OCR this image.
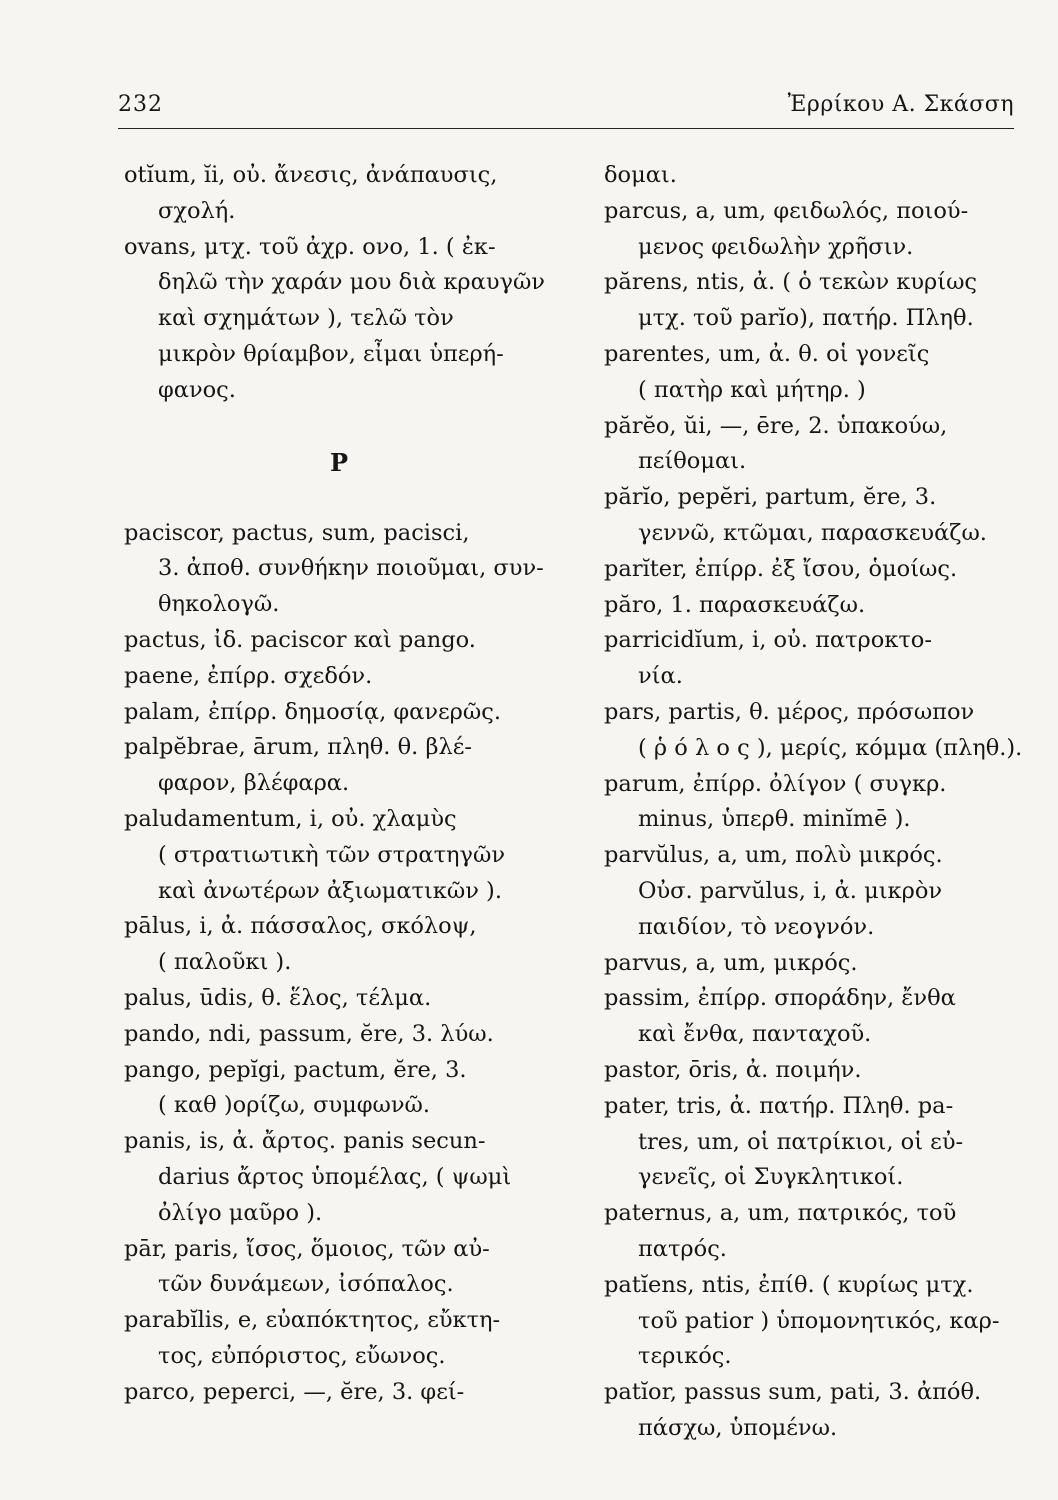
232	Ἐρρίκου Α. Σκάσση
otĭum, ĭi, οὐ. ἄνεσις, ἀνάπαυσις,
σχολή.
ovans, μτχ. τοῦ ἀχρ. ονο, 1. ( ἐκ-
δηλῶ τὴν χαράν μου διὰ κραυγῶν
καὶ σχημάτων ), τελῶ τὸν
μικρὸν θρίαμβον, εἶμαι ὑπερή-
φανος.
P
paciscor, pactus, sum, pacisci,
3. ἀποθ. συνθήκην ποιοῦμαι, συν-
θηκολογῶ.
pactus, ἰδ. paciscor καὶ pango.
paene, ἐπίρρ. σχεδόν.
palam, ἐπίρρ. δημοσίᾳ, φανερῶς.
palpĕbrae, ārum, πληθ. θ. βλέ-
φαρον, βλέφαρα.
paludamentum, i, οὐ. χλαμὺς
( στρατιωτικὴ τῶν στρατηγῶν
καὶ ἀνωτέρων ἀξιωματικῶν ).
pālus, i, ἀ. πάσσαλος, σκόλοψ,
( παλοῦκι ).
palus, ūdis, θ. ἕλος, τέλμα.
pando, ndi, passum, ĕre, 3. λύω.
pango, pepĭgi, pactum, ĕre, 3.
( καθ )ορίζω, συμφωνῶ.
panis, is, ἀ. ἄρτος. panis secun-
darius ἄρτος ὑπομέλας, ( ψωμὶ
ὀλίγο μαῦρο ).
pār, paris, ἴσος, ὅμοιος, τῶν αὐ-
τῶν δυνάμεων, ἰσόπαλος.
parabĭlis, e, εὐαπόκτητος, εὔκτη-
τος, εὐπόριστος, εὔωνος.
parco, peperci, —, ĕre, 3. φεί-
δομαι.
parcus, a, um, φειδωλός, ποιού-
μενος φειδωλὴν χρῆσιν.
părens, ntis, ἀ. ( ὁ τεκὼν κυρίως
μτχ. τοῦ parĭo), πατήρ. Πληθ.
parentes, um, ἀ. θ. οἱ γονεῖς
( πατὴρ καὶ μήτηρ. )
părĕo, ŭi, —, ēre, 2. ὑπακούω,
πείθομαι.
părĭo, pepĕri, partum, ĕre, 3.
γεννῶ, κτῶμαι, παρασκευάζω.
parĭter, ἐπίρρ. ἐξ ἴσου, ὁμοίως.
păro, 1. παρασκευάζω.
parricidĭum, i, οὐ. πατροκτο-
νία.
pars, partis, θ. μέρος, πρόσωπον
( ῥ ό λ ο ς ), μερίς, κόμμα (πληθ.).
parum, ἐπίρρ. ὀλίγον ( συγκρ.
minus, ὑπερθ. minĭmē ).
parvŭlus, a, um, πολὺ μικρός.
Οὐσ. parvŭlus, i, ἀ. μικρὸν
παιδίον, τὸ νεογνόν.
parvus, a, um, μικρός.
passim, ἐπίρρ. σποράδην, ἔνθα
καὶ ἔνθα, πανταχοῦ.
pastor, ōris, ἀ. ποιμήν.
pater, tris, ἀ. πατήρ. Πληθ. pa-
tres, um, οἱ πατρίκιοι, οἱ εὐ-
γενεῖς, οἱ Συγκλητικοί.
paternus, a, um, πατρικός, τοῦ
πατρός.
patĭens, ntis, ἐπίθ. ( κυρίως μτχ.
τοῦ patior ) ὑπομονητικός, καρ-
τερικός.
patĭor, passus sum, pati, 3. ἀπόθ.
πάσχω, ὑπομένω.
